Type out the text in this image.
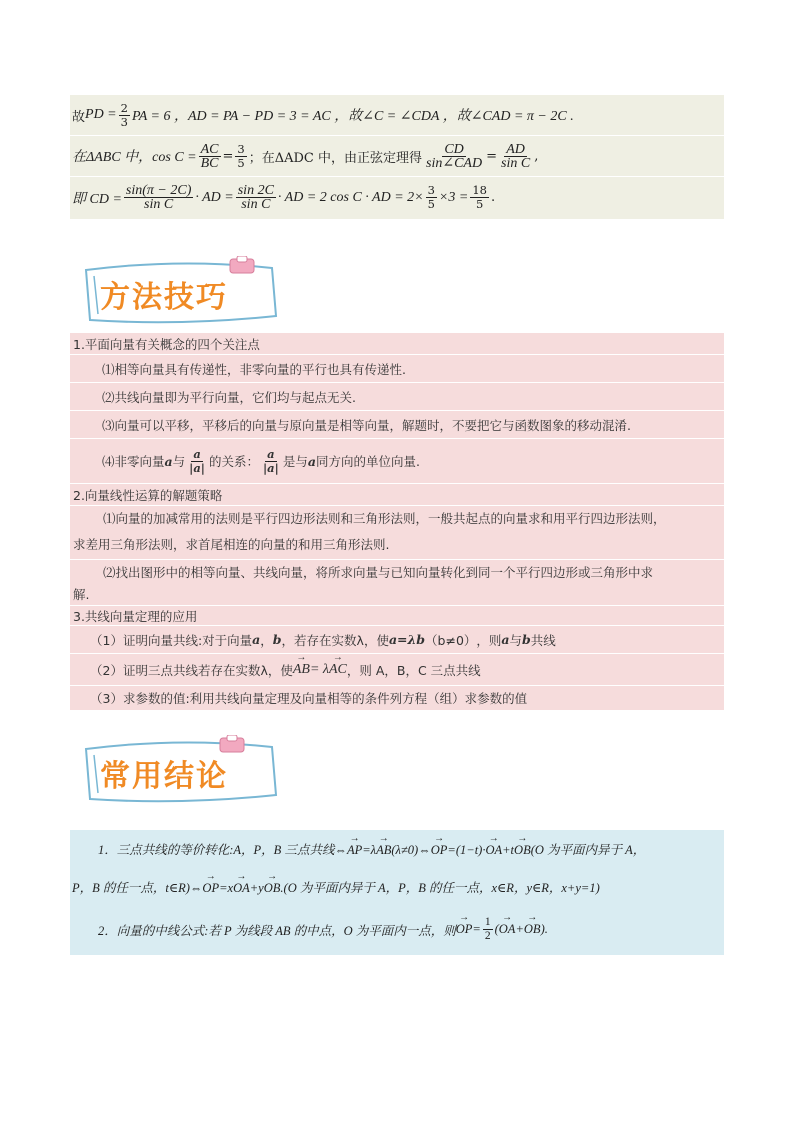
故 PD = $\frac{2}{3}$ PA = 6 ，AD = PA − PD = 3 = AC ，故∠C = ∠CDA ，故∠CAD = π − 2C .
在ΔABC 中，$\cos C = \frac{AC}{BC} = \frac{3}{5}$ ；在ΔADC 中，由正弦定理得 $\frac{CD}{\text{sin∠CAD}} = \frac{AD}{\text{sin C}}$ ,
即 CD = $\frac{\sin(\pi - 2C)}{\text{sin C}}$ · AD = $\frac{\sin 2C}{\text{sin C}}$ · AD = 2 cos C · AD = $2\times \frac{3}{5} \times 3 = \frac{18}{5}$ .
方法技巧
1.平面向量有关概念的四个关注点
⑴相等向量具有传递性，非零向量的平行也具有传递性.
⑵共线向量即为平行向量，它们均与起点无关.
⑶向量可以平移，平移后的向量与原向量是相等向量，解题时，不要把它与函数图象的移动混淆.
⑷非零向量 a 与 $\frac{a}{|a|}$ 的关系： $\frac{a}{|a|}$ 是与 a 同方向的单位向量.
2.向量线性运算的解题策略
⑴向量的加减常用的法则是平行四边形法则和三角形法则，一般共起点的向量求和用平行四边形法则，
求差用三角形法则，求首尾相连的向量的和用三角形法则.
⑵找出图形中的相等向量、共线向量，将所求向量与已知向量转化到同一个平行四边形或三角形中求
解.
3.共线向量定理的应用
（1）证明向量共线:对于向量 a ， b ，若存在实数λ，使 a=λb （b≠0） ，则 a 与 b 共线
（2）证明三点共线若存在实数λ，使 → AB = λ → AC ，则 A，B，C 三点共线
（3）求参数的值:利用共线向量定理及向量相等的条件列方程（组）求参数的值
常用结论
1．三点共线的等价转化:A，P，B 三点共线⇔→ AP=λ→ AB(λ≠0)⇔→ OP=(1−t)·→ OA+t→ OB(O 为平面内异于 A，
P，B 的任一点，t∈R)⇔→ OP=x→ OA+y→ OB.(O 为平面内异于 A，P，B 的任一点，x∈R，y∈R，x+y=1)
2．向量的中线公式:若 P 为线段 AB 的中点，O 为平面内一点，则 → OP = $\frac{1}{2}$ ( → OA + → OB ).
